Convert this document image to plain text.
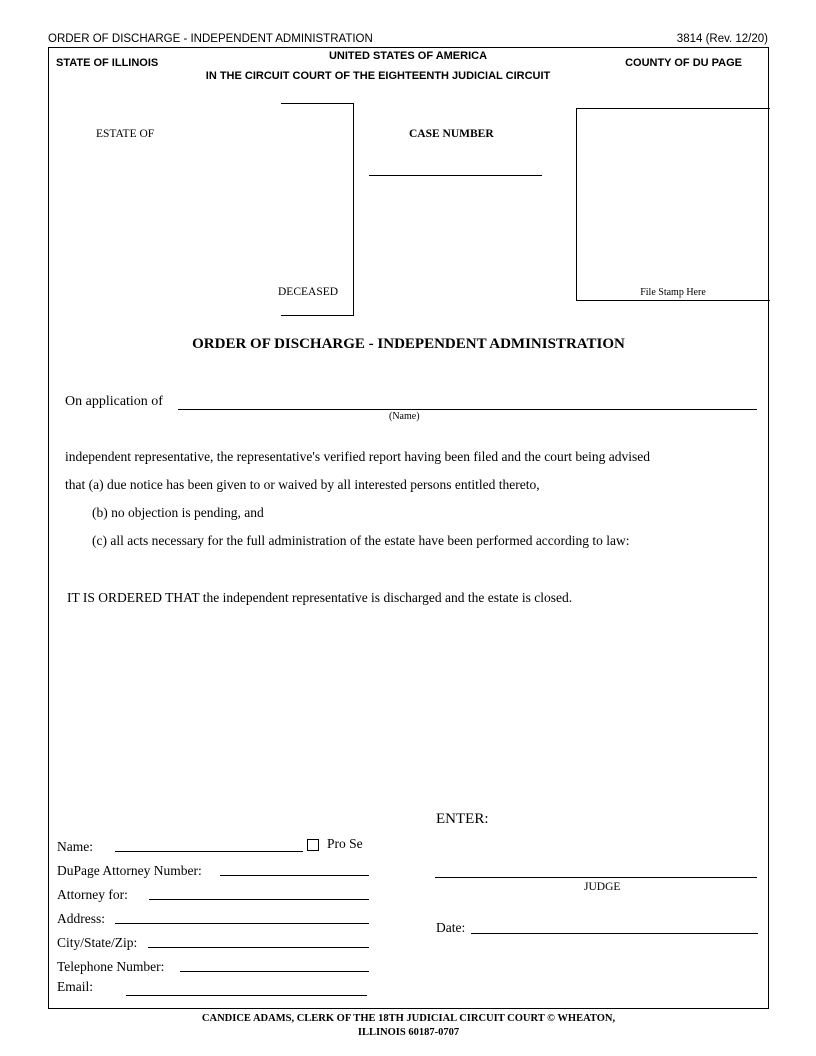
ORDER OF DISCHARGE - INDEPENDENT ADMINISTRATION	3814 (Rev. 12/20)
STATE OF ILLINOIS
UNITED STATES OF AMERICA
IN THE CIRCUIT COURT OF THE EIGHTEENTH JUDICIAL CIRCUIT
COUNTY OF DU PAGE
ESTATE OF
DECEASED
CASE NUMBER
File Stamp Here
ORDER OF DISCHARGE - INDEPENDENT ADMINISTRATION
On application of
(Name)
independent representative, the representative's verified report having been filed and the court being advised
that (a) due notice has been given to or waived by all interested persons entitled thereto,
(b) no objection is pending, and
(c) all acts necessary for the full administration of the estate have been performed according to law:
IT IS ORDERED THAT the independent representative is discharged and the estate is closed.
ENTER:
JUDGE
Date:
Name:	Pro Se
DuPage Attorney Number:
Attorney for:
Address:
City/State/Zip:
Telephone Number:
Email:
CANDICE ADAMS, CLERK OF THE 18TH JUDICIAL CIRCUIT COURT © WHEATON,
ILLINOIS 60187-0707
